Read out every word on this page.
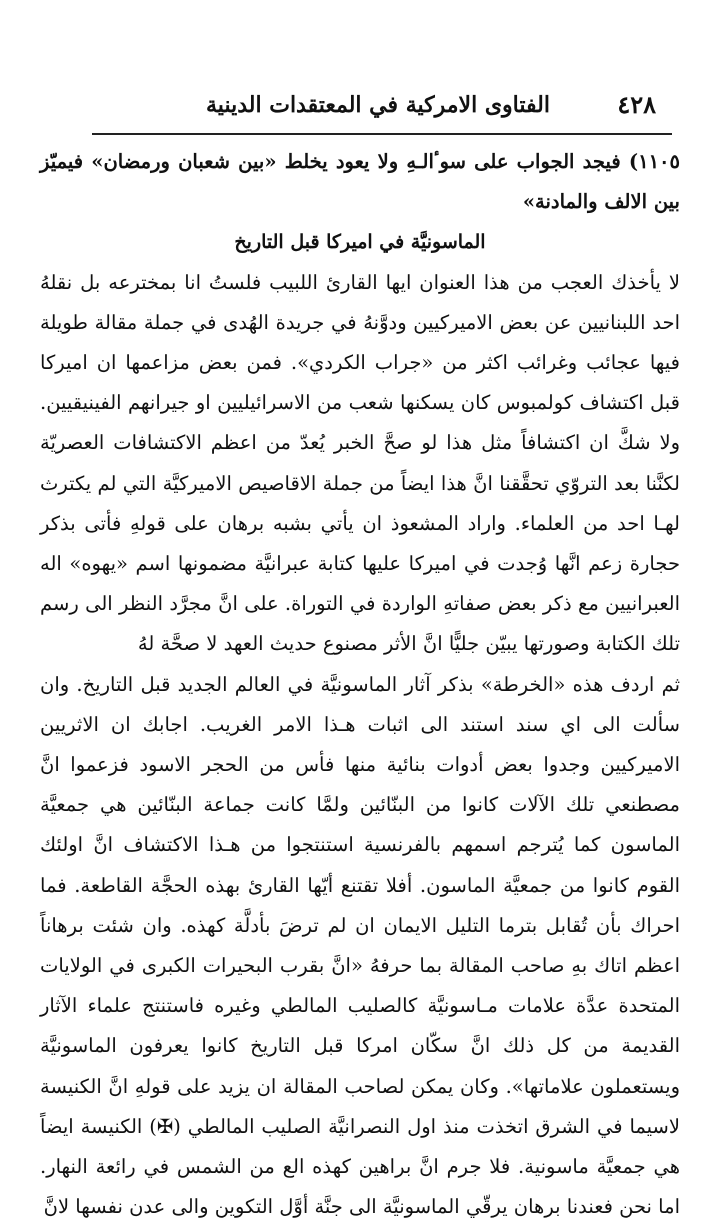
٤٢٨
الفتاوى الامركية في المعتقدات الدينية

١١٠٥) فيجد الجواب على سوٴالـهِ ولا يعود يخلط «بين شعبان ورمضان» فيميّز بين الالف والمادنة»

الماسونيَّة في اميركا قبل التاريخ

لا يأخذك العجب من هذا العنوان ايها القارئ اللبيب فلستُ انا بمخترعه بل نقلهُ احد اللبنانيين عن بعض الاميركيين ودوَّنهُ في جريدة الهُدى في جملة مقالة طويلة فيها عجائب وغرائب اكثر من «جراب الكردي». فمن بعض مزاعمها ان اميركا قبل اكتشاف كولمبوس كان يسكنها شعب من الاسرائيليين او جيرانهم الفينيقيين. ولا شكَّ ان اكتشافاً مثل هذا لو صحَّ الخبر يُعدّ من اعظم الاكتشافات العصريّة لكنَّنا بعد التروّي تحقَّقنا انَّ هذا ايضاً من جملة الاقاصيص الاميركيَّة التي لم يكترث لهـا احد من العلماء. واراد المشعوذ ان يأتي بشبه برهان على قولهِ فأتى بذكر حجارة زعم انَّها وُجدت في اميركا عليها كتابة عبرانيَّة مضمونها اسم «يهوه» اله العبرانيين مع ذكر بعض صفاتهِ الواردة في التوراة. على انَّ مجرَّد النظر الى رسم تلك الكتابة وصورتها يبيّن جليًّا انَّ الأثر مصنوع حديث العهد لا صحَّة لهُ

ثم اردف هذه «الخرطة» بذكر آثار الماسونيَّة في العالم الجديد قبل التاريخ. وان سألت الى اي سند استند الى اثبات هـذا الامر الغريب. اجابك ان الاثريين الاميركيين وجدوا بعض أدوات بنائية منها فأس من الحجر الاسود فزعموا انَّ مصطنعي تلك الآلات كانوا من البنّائين ولمَّا كانت جماعة البنّائين هي جمعيَّة الماسون كما يُترجم اسمهم بالفرنسية استنتجوا من هـذا الاكتشاف انَّ اولئك القوم كانوا من جمعيَّة الماسون. أفلا تقتنع أيّها القارئ بهذه الحجَّة القاطعة. فما احراك بأن تُقابل بترما التليل الايمان ان لم ترضَ بأدلَّة كهذه. وان شئت برهاناً اعظم اتاك بهِ صاحب المقالة بما حرفهُ «انَّ بقرب البحيرات الكبرى في الولايات المتحدة عدَّة علامات مـاسونيَّة كالصليب المالطي وغيره فاستنتج علماء الآثار القديمة من كل ذلك انَّ سكّان امركا قبل التاريخ كانوا يعرفون الماسونيَّة ويستعملون علاماتها». وكان يمكن لصاحب المقالة ان يزيد على قولهِ انَّ الكنيسة لاسيما في الشرق اتخذت منذ اول النصرانيَّة الصليب المالطي (✠) الكنيسة ايضاً هي جمعيَّة ماسونية. فلا جرم انَّ براهين كهذه الع من الشمس في رائعة النهار. اما نحن فعندنا برهان يرقّي الماسونيَّة الى جنَّة أوَّل التكوين والى عدن نفسها لانَّ
